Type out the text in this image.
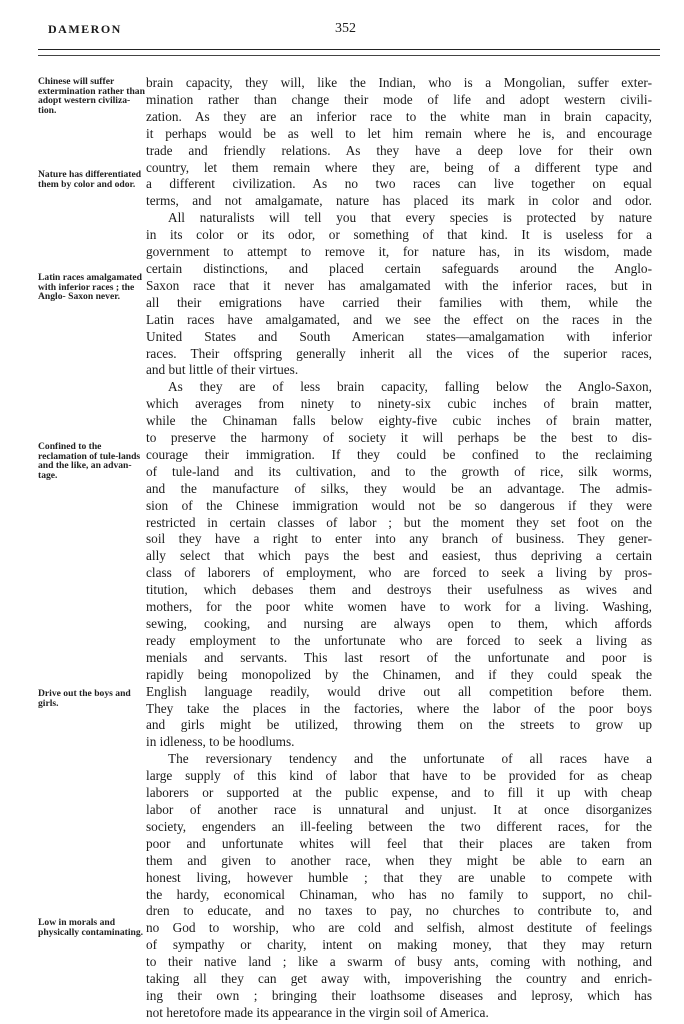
DAMERON	352
Chinese will suffer extermination rather than adopt western civiliza- tion.
Nature has differentiated them by color and odor.
Latin races amalgamated with inferior races ; the Anglo- Saxon never.
Confined to the reclamation of tule-lands and the like, an advan- tage.
Drive out the boys and girls.
Low in morals and physically contaminating.
brain capacity, they will, like the Indian, who is a Mongolian, suffer exter-
mination rather than change their mode of life and adopt western civili-
zation. As they are an inferior race to the white man in brain capacity,
it perhaps would be as well to let him remain where he is, and encourage
trade and friendly relations. As they have a deep love for their own
country, let them remain where they are, being of a different type and
a different civilization. As no two races can live together on equal
terms, and not amalgamate, nature has placed its mark in color and odor.
All naturalists will tell you that every species is protected by nature
in its color or its odor, or something of that kind. It is useless for a
government to attempt to remove it, for nature has, in its wisdom, made
certain distinctions, and placed certain safeguards around the Anglo-
Saxon race that it never has amalgamated with the inferior races, but in
all their emigrations have carried their families with them, while the
Latin races have amalgamated, and we see the effect on the races in the
United States and South American states—amalgamation with inferior
races. Their offspring generally inherit all the vices of the superior races,
and but little of their virtues.
As they are of less brain capacity, falling below the Anglo-Saxon,
which averages from ninety to ninety-six cubic inches of brain matter,
while the Chinaman falls below eighty-five cubic inches of brain matter,
to preserve the harmony of society it will perhaps be the best to dis-
courage their immigration. If they could be confined to the reclaiming
of tule-land and its cultivation, and to the growth of rice, silk worms,
and the manufacture of silks, they would be an advantage. The admis-
sion of the Chinese immigration would not be so dangerous if they were
restricted in certain classes of labor ; but the moment they set foot on the
soil they have a right to enter into any branch of business. They gener-
ally select that which pays the best and easiest, thus depriving a certain
class of laborers of employment, who are forced to seek a living by pros-
titution, which debases them and destroys their usefulness as wives and
mothers, for the poor white women have to work for a living. Washing,
sewing, cooking, and nursing are always open to them, which affords
ready employment to the unfortunate who are forced to seek a living as
menials and servants. This last resort of the unfortunate and poor is
rapidly being monopolized by the Chinamen, and if they could speak the
English language readily, would drive out all competition before them.
They take the places in the factories, where the labor of the poor boys
and girls might be utilized, throwing them on the streets to grow up
in idleness, to be hoodlums.
The reversionary tendency and the unfortunate of all races have a
large supply of this kind of labor that have to be provided for as cheap
laborers or supported at the public expense, and to fill it up with cheap
labor of another race is unnatural and unjust. It at once disorganizes
society, engenders an ill-feeling between the two different races, for the
poor and unfortunate whites will feel that their places are taken from
them and given to another race, when they might be able to earn an
honest living, however humble ; that they are unable to compete with
the hardy, economical Chinaman, who has no family to support, no chil-
dren to educate, and no taxes to pay, no churches to contribute to, and
no God to worship, who are cold and selfish, almost destitute of feelings
of sympathy or charity, intent on making money, that they may return
to their native land ; like a swarm of busy ants, coming with nothing, and
taking all they can get away with, impoverishing the country and enrich-
ing their own ; bringing their loathsome diseases and leprosy, which has
not heretofore made its appearance in the virgin soil of America.
